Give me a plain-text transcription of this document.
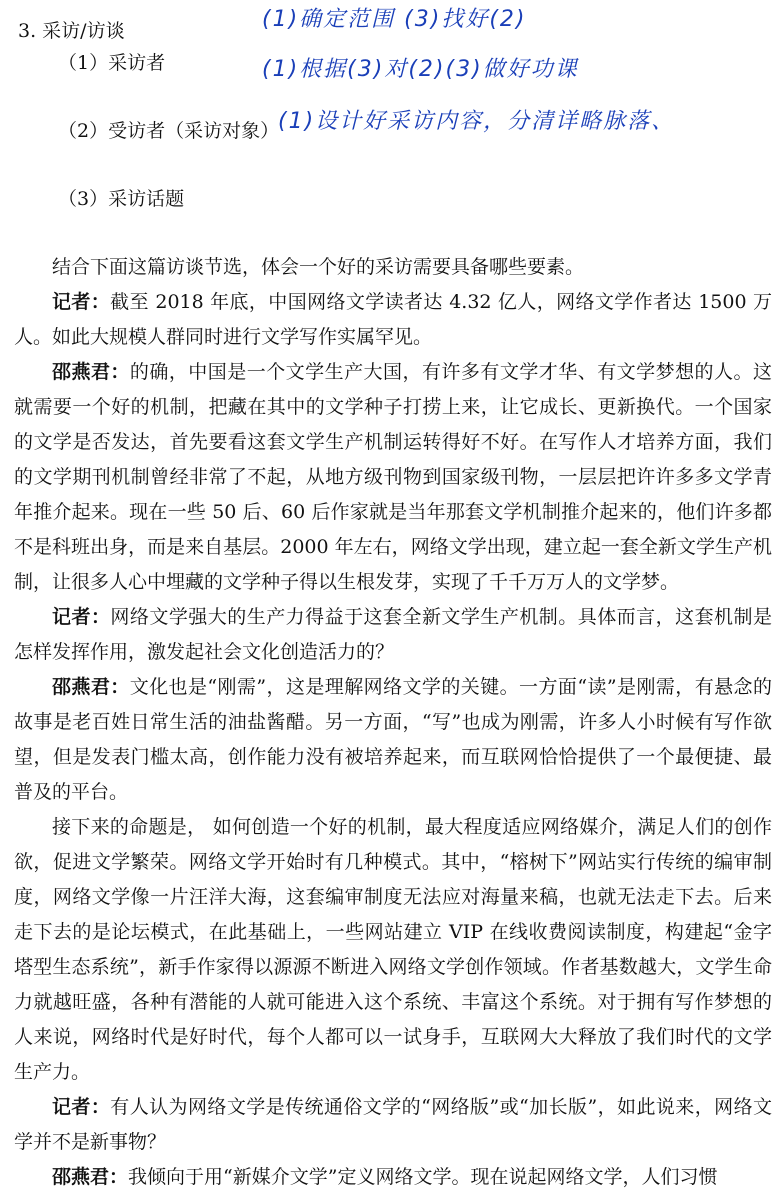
3. 采访/访谈
（1）采访者
（2）受访者（采访对象）
（3）采访话题
(1)确定范围 (3)找好(2)
(1)根据(3)对(2)(3)做好功课
(1)设计好采访内容，分清详略脉落、

结合下面这篇访谈节选，体会一个好的采访需要具备哪些要素。

记者：截至 2018 年底，中国网络文学读者达 4.32 亿人，网络文学作者达 1500 万人。如此大规模人群同时进行文学写作实属罕见。

邵燕君：的确，中国是一个文学生产大国，有许多有文学才华、有文学梦想的人。这就需要一个好的机制，把藏在其中的文学种子打捞上来，让它成长、更新换代。一个国家的文学是否发达，首先要看这套文学生产机制运转得好不好。在写作人才培养方面，我们的文学期刊机制曾经非常了不起，从地方级刊物到国家级刊物，一层层把许许多多文学青年推介起来。现在一些 50 后、60 后作家就是当年那套文学机制推介起来的，他们许多都不是科班出身，而是来自基层。2000 年左右，网络文学出现，建立起一套全新文学生产机制，让很多人心中埋藏的文学种子得以生根发芽，实现了千千万万人的文学梦。

记者：网络文学强大的生产力得益于这套全新文学生产机制。具体而言，这套机制是怎样发挥作用，激发起社会文化创造活力的？

邵燕君：文化也是“刚需”，这是理解网络文学的关键。一方面“读”是刚需，有悬念的故事是老百姓日常生活的油盐酱醋。另一方面，“写”也成为刚需，许多人小时候有写作欲望，但是发表门槛太高，创作能力没有被培养起来，而互联网恰恰提供了一个最便捷、最普及的平台。

接下来的命题是， 如何创造一个好的机制，最大程度适应网络媒介，满足人们的创作欲，促进文学繁荣。网络文学开始时有几种模式。其中，“榕树下”网站实行传统的编审制度，网络文学像一片汪洋大海，这套编审制度无法应对海量来稿，也就无法走下去。后来走下去的是论坛模式，在此基础上，一些网站建立 VIP 在线收费阅读制度，构建起“金字塔型生态系统”，新手作家得以源源不断进入网络文学创作领域。作者基数越大，文学生命力就越旺盛，各种有潜能的人就可能进入这个系统、丰富这个系统。对于拥有写作梦想的人来说，网络时代是好时代，每个人都可以一试身手，互联网大大释放了我们时代的文学生产力。

记者：有人认为网络文学是传统通俗文学的“网络版”或“加长版”，如此说来，网络文学并不是新事物？

邵燕君：我倾向于用“新媒介文学”定义网络文学。现在说起网络文学，人们习惯
